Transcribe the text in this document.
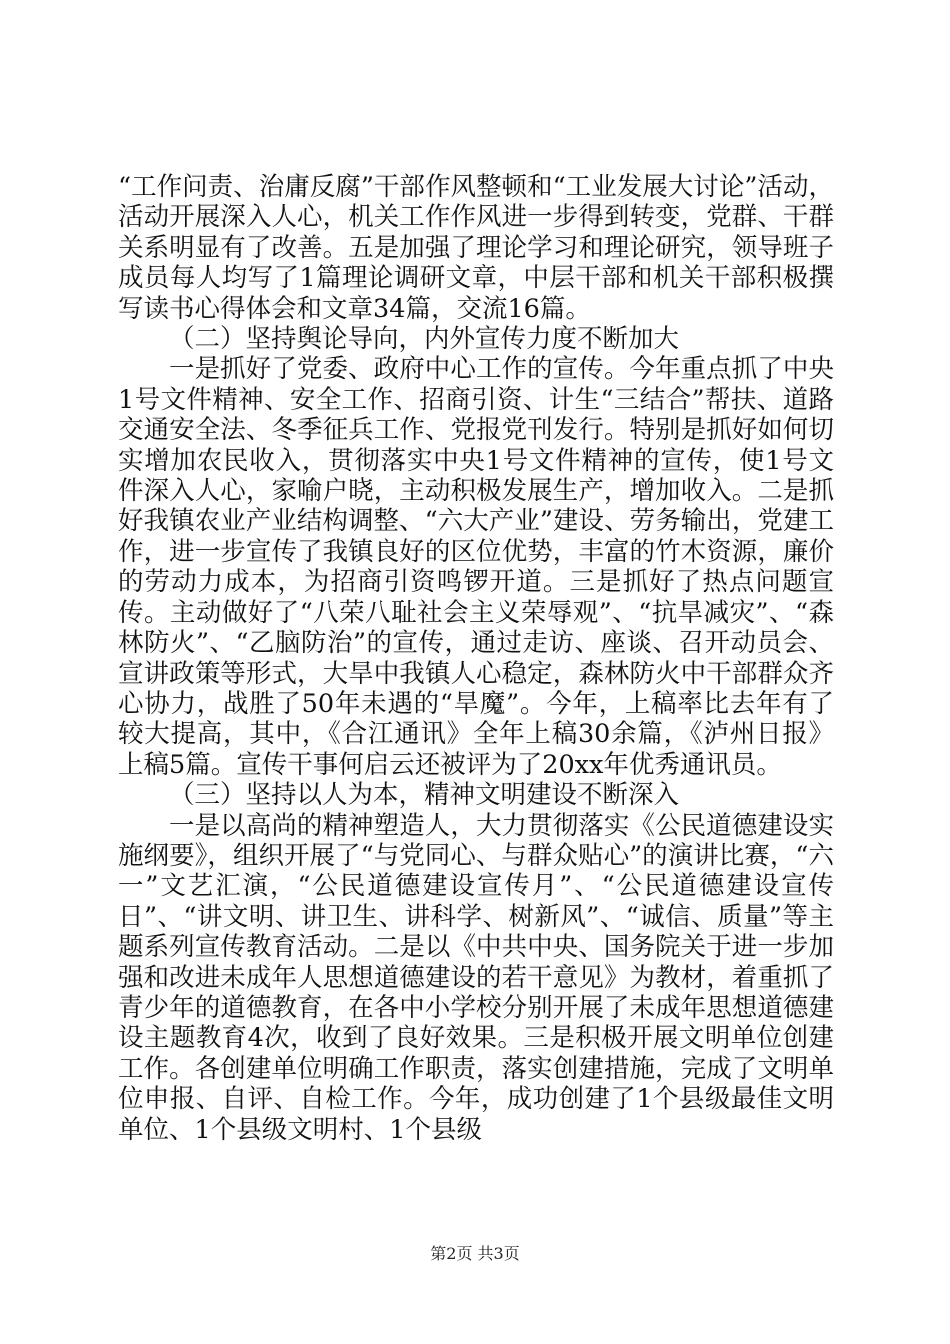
“工作问责、治庸反腐”干部作风整顿和“工业发展大讨论”活动，活动开展深入人心，机关工作作风进一步得到转变，党群、干群关系明显有了改善。五是加强了理论学习和理论研究，领导班子成员每人均写了1篇理论调研文章，中层干部和机关干部积极撰写读书心得体会和文章34篇，交流16篇。

（二）坚持舆论导向，内外宣传力度不断加大

一是抓好了党委、政府中心工作的宣传。今年重点抓了中央1号文件精神、安全工作、招商引资、计生“三结合”帮扶、道路交通安全法、冬季征兵工作、党报党刊发行。特别是抓好如何切实增加农民收入，贯彻落实中央1号文件精神的宣传，使1号文件深入人心，家喻户晓，主动积极发展生产，增加收入。二是抓好我镇农业产业结构调整、“六大产业”建设、劳务输出，党建工作，进一步宣传了我镇良好的区位优势，丰富的竹木资源，廉价的劳动力成本，为招商引资鸣锣开道。三是抓好了热点问题宣传。主动做好了“八荣八耻社会主义荣辱观”、“抗旱减灾”、“森林防火”、“乙脑防治”的宣传，通过走访、座谈、召开动员会、宣讲政策等形式，大旱中我镇人心稳定，森林防火中干部群众齐心协力，战胜了50年未遇的“旱魔”。今年，上稿率比去年有了较大提高，其中，《合江通讯》全年上稿30余篇，《泸州日报》上稿5篇。宣传干事何启云还被评为了20xx年优秀通讯员。

（三）坚持以人为本，精神文明建设不断深入

一是以高尚的精神塑造人，大力贯彻落实《公民道德建设实施纲要》，组织开展了“与党同心、与群众贴心”的演讲比赛，“六一”文艺汇演，“公民道德建设宣传月”、“公民道德建设宣传日”、“讲文明、讲卫生、讲科学、树新风”、“诚信、质量”等主题系列宣传教育活动。二是以《中共中央、国务院关于进一步加强和改进未成年人思想道德建设的若干意见》为教材，着重抓了青少年的道德教育，在各中小学校分别开展了未成年思想道德建设主题教育4次，收到了良好效果。三是积极开展文明单位创建工作。各创建单位明确工作职责，落实创建措施，完成了文明单位申报、自评、自检工作。今年，成功创建了1个县级最佳文明单位、1个县级文明村、1个县级

第2页 共3页
